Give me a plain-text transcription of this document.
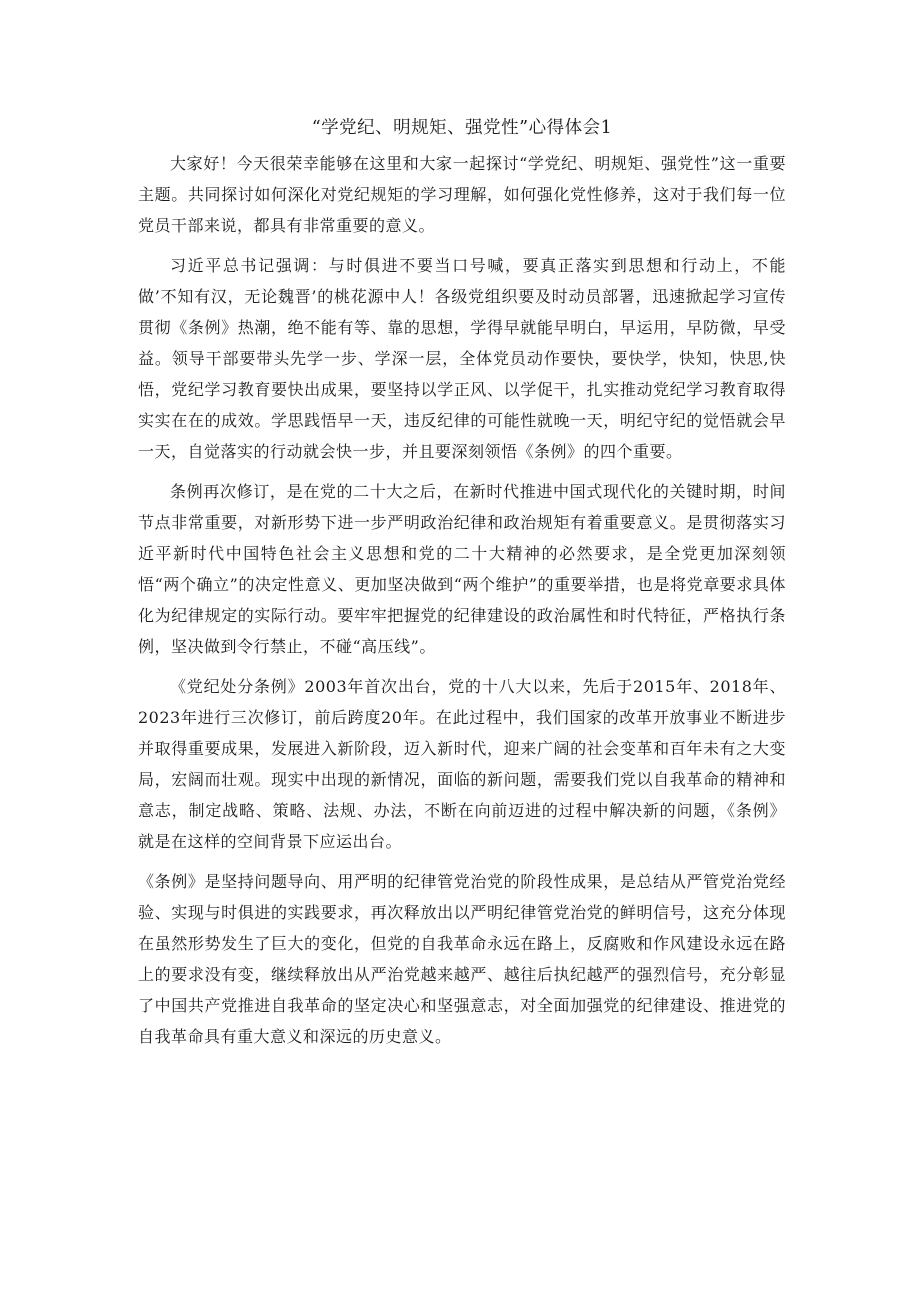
“学党纪、明规矩、强党性”心得体会1

大家好！今天很荣幸能够在这里和大家一起探讨“学党纪、明规矩、强党性”这一重要主题。共同探讨如何深化对党纪规矩的学习理解，如何强化党性修养，这对于我们每一位党员干部来说，都具有非常重要的意义。

习近平总书记强调：与时俱进不要当口号喊，要真正落实到思想和行动上，不能做’不知有汉，无论魏晋’的桃花源中人！各级党组织要及时动员部署，迅速掀起学习宣传贯彻《条例》热潮，绝不能有等、靠的思想，学得早就能早明白，早运用，早防微，早受益。领导干部要带头先学一步、学深一层，全体党员动作要快，要快学，快知，快思,快悟，党纪学习教育要快出成果，要坚持以学正风、以学促干，扎实推动党纪学习教育取得实实在在的成效。学思践悟早一天，违反纪律的可能性就晚一天，明纪守纪的觉悟就会早一天，自觉落实的行动就会快一步，并且要深刻领悟《条例》的四个重要。

条例再次修订，是在党的二十大之后，在新时代推进中国式现代化的关键时期，时间节点非常重要，对新形势下进一步严明政治纪律和政治规矩有着重要意义。是贯彻落实习近平新时代中国特色社会主义思想和党的二十大精神的必然要求，是全党更加深刻领悟“两个确立”的决定性意义、更加坚决做到“两个维护”的重要举措，也是将党章要求具体化为纪律规定的实际行动。要牢牢把握党的纪律建设的政治属性和时代特征，严格执行条例，坚决做到令行禁止，不碰“高压线”。

《党纪处分条例》2003年首次出台，党的十八大以来，先后于2015年、2018年、2023年进行三次修订，前后跨度20年。在此过程中，我们国家的改革开放事业不断进步并取得重要成果，发展进入新阶段，迈入新时代，迎来广阔的社会变革和百年未有之大变局，宏阔而壮观。现实中出现的新情况，面临的新问题，需要我们党以自我革命的精神和意志，制定战略、策略、法规、办法，不断在向前迈进的过程中解决新的问题，《条例》就是在这样的空间背景下应运出台。

《条例》是坚持问题导向、用严明的纪律管党治党的阶段性成果，是总结从严管党治党经验、实现与时俱进的实践要求，再次释放出以严明纪律管党治党的鲜明信号，这充分体现在虽然形势发生了巨大的变化，但党的自我革命永远在路上，反腐败和作风建设永远在路上的要求没有变，继续释放出从严治党越来越严、越往后执纪越严的强烈信号，充分彰显了中国共产党推进自我革命的坚定决心和坚强意志，对全面加强党的纪律建设、推进党的自我革命具有重大意义和深远的历史意义。
